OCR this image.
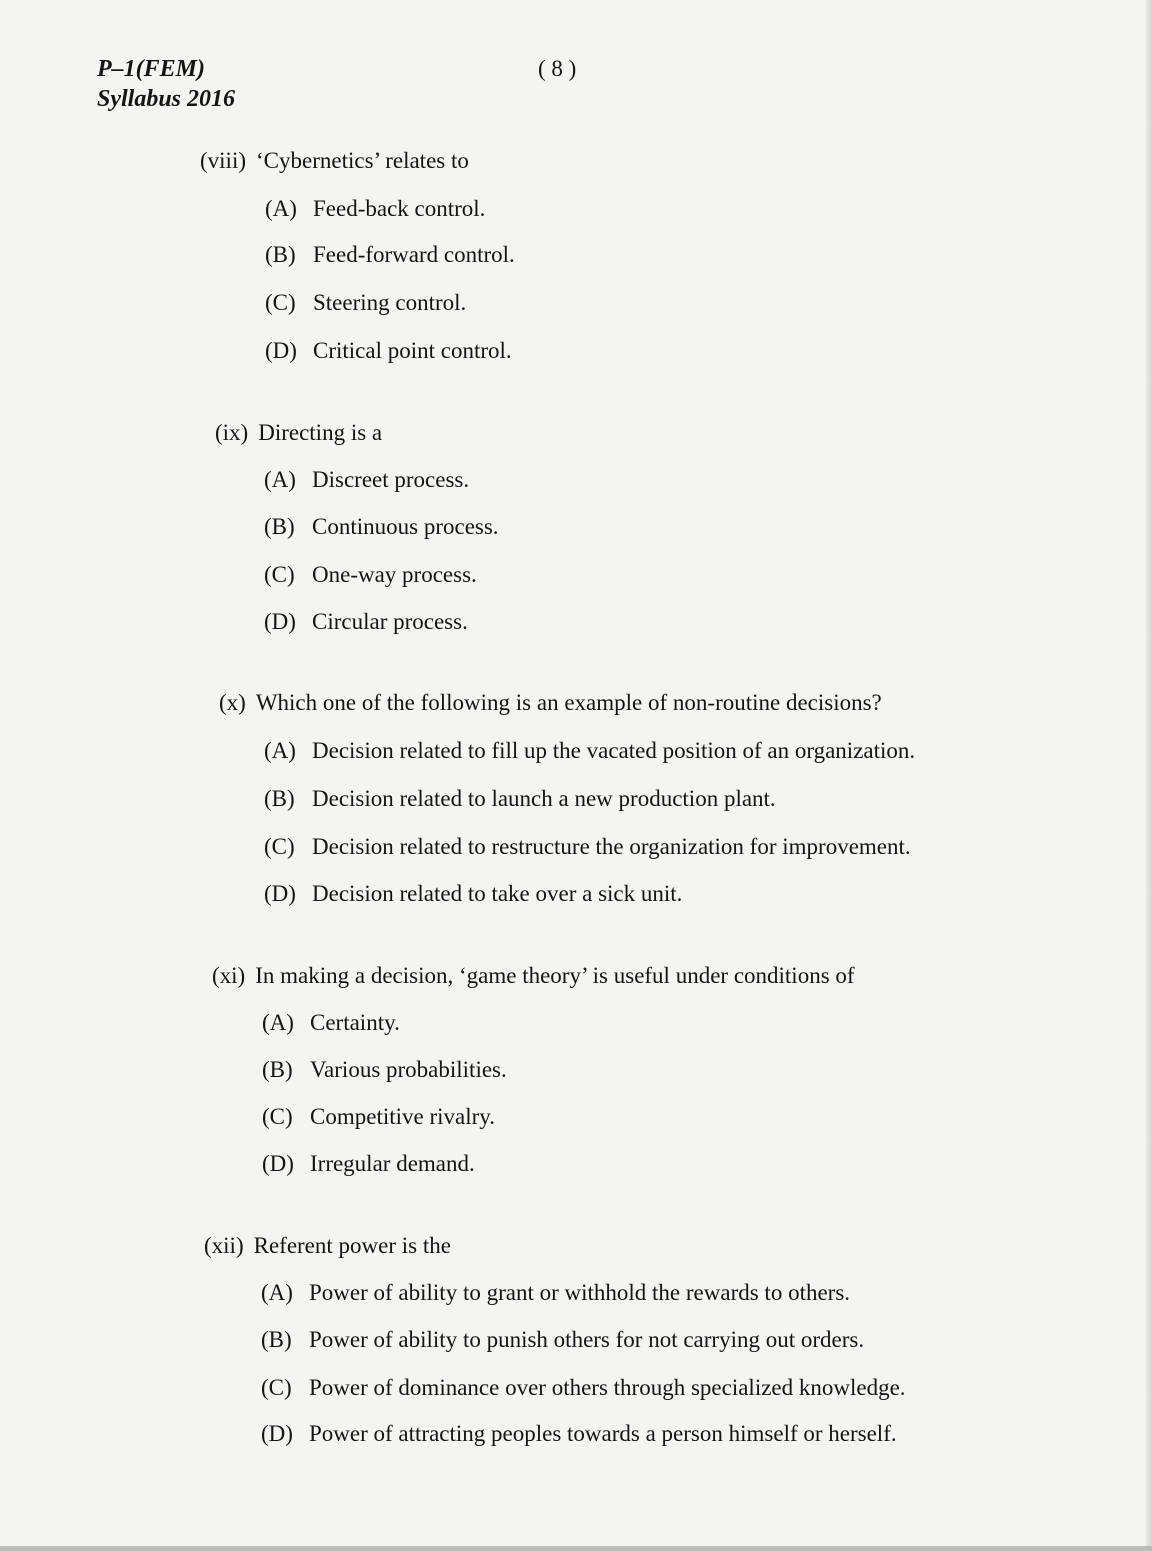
P–1(FEM)
Syllabus 2016
( 8 )
(viii) ‘Cybernetics’ relates to
(A) Feed-back control.
(B) Feed-forward control.
(C) Steering control.
(D) Critical point control.
(ix) Directing is a
(A) Discreet process.
(B) Continuous process.
(C) One-way process.
(D) Circular process.
(x) Which one of the following is an example of non-routine decisions?
(A) Decision related to fill up the vacated position of an organization.
(B) Decision related to launch a new production plant.
(C) Decision related to restructure the organization for improvement.
(D) Decision related to take over a sick unit.
(xi) In making a decision, ‘game theory’ is useful under conditions of
(A) Certainty.
(B) Various probabilities.
(C) Competitive rivalry.
(D) Irregular demand.
(xii) Referent power is the
(A) Power of ability to grant or withhold the rewards to others.
(B) Power of ability to punish others for not carrying out orders.
(C) Power of dominance over others through specialized knowledge.
(D) Power of attracting peoples towards a person himself or herself.
